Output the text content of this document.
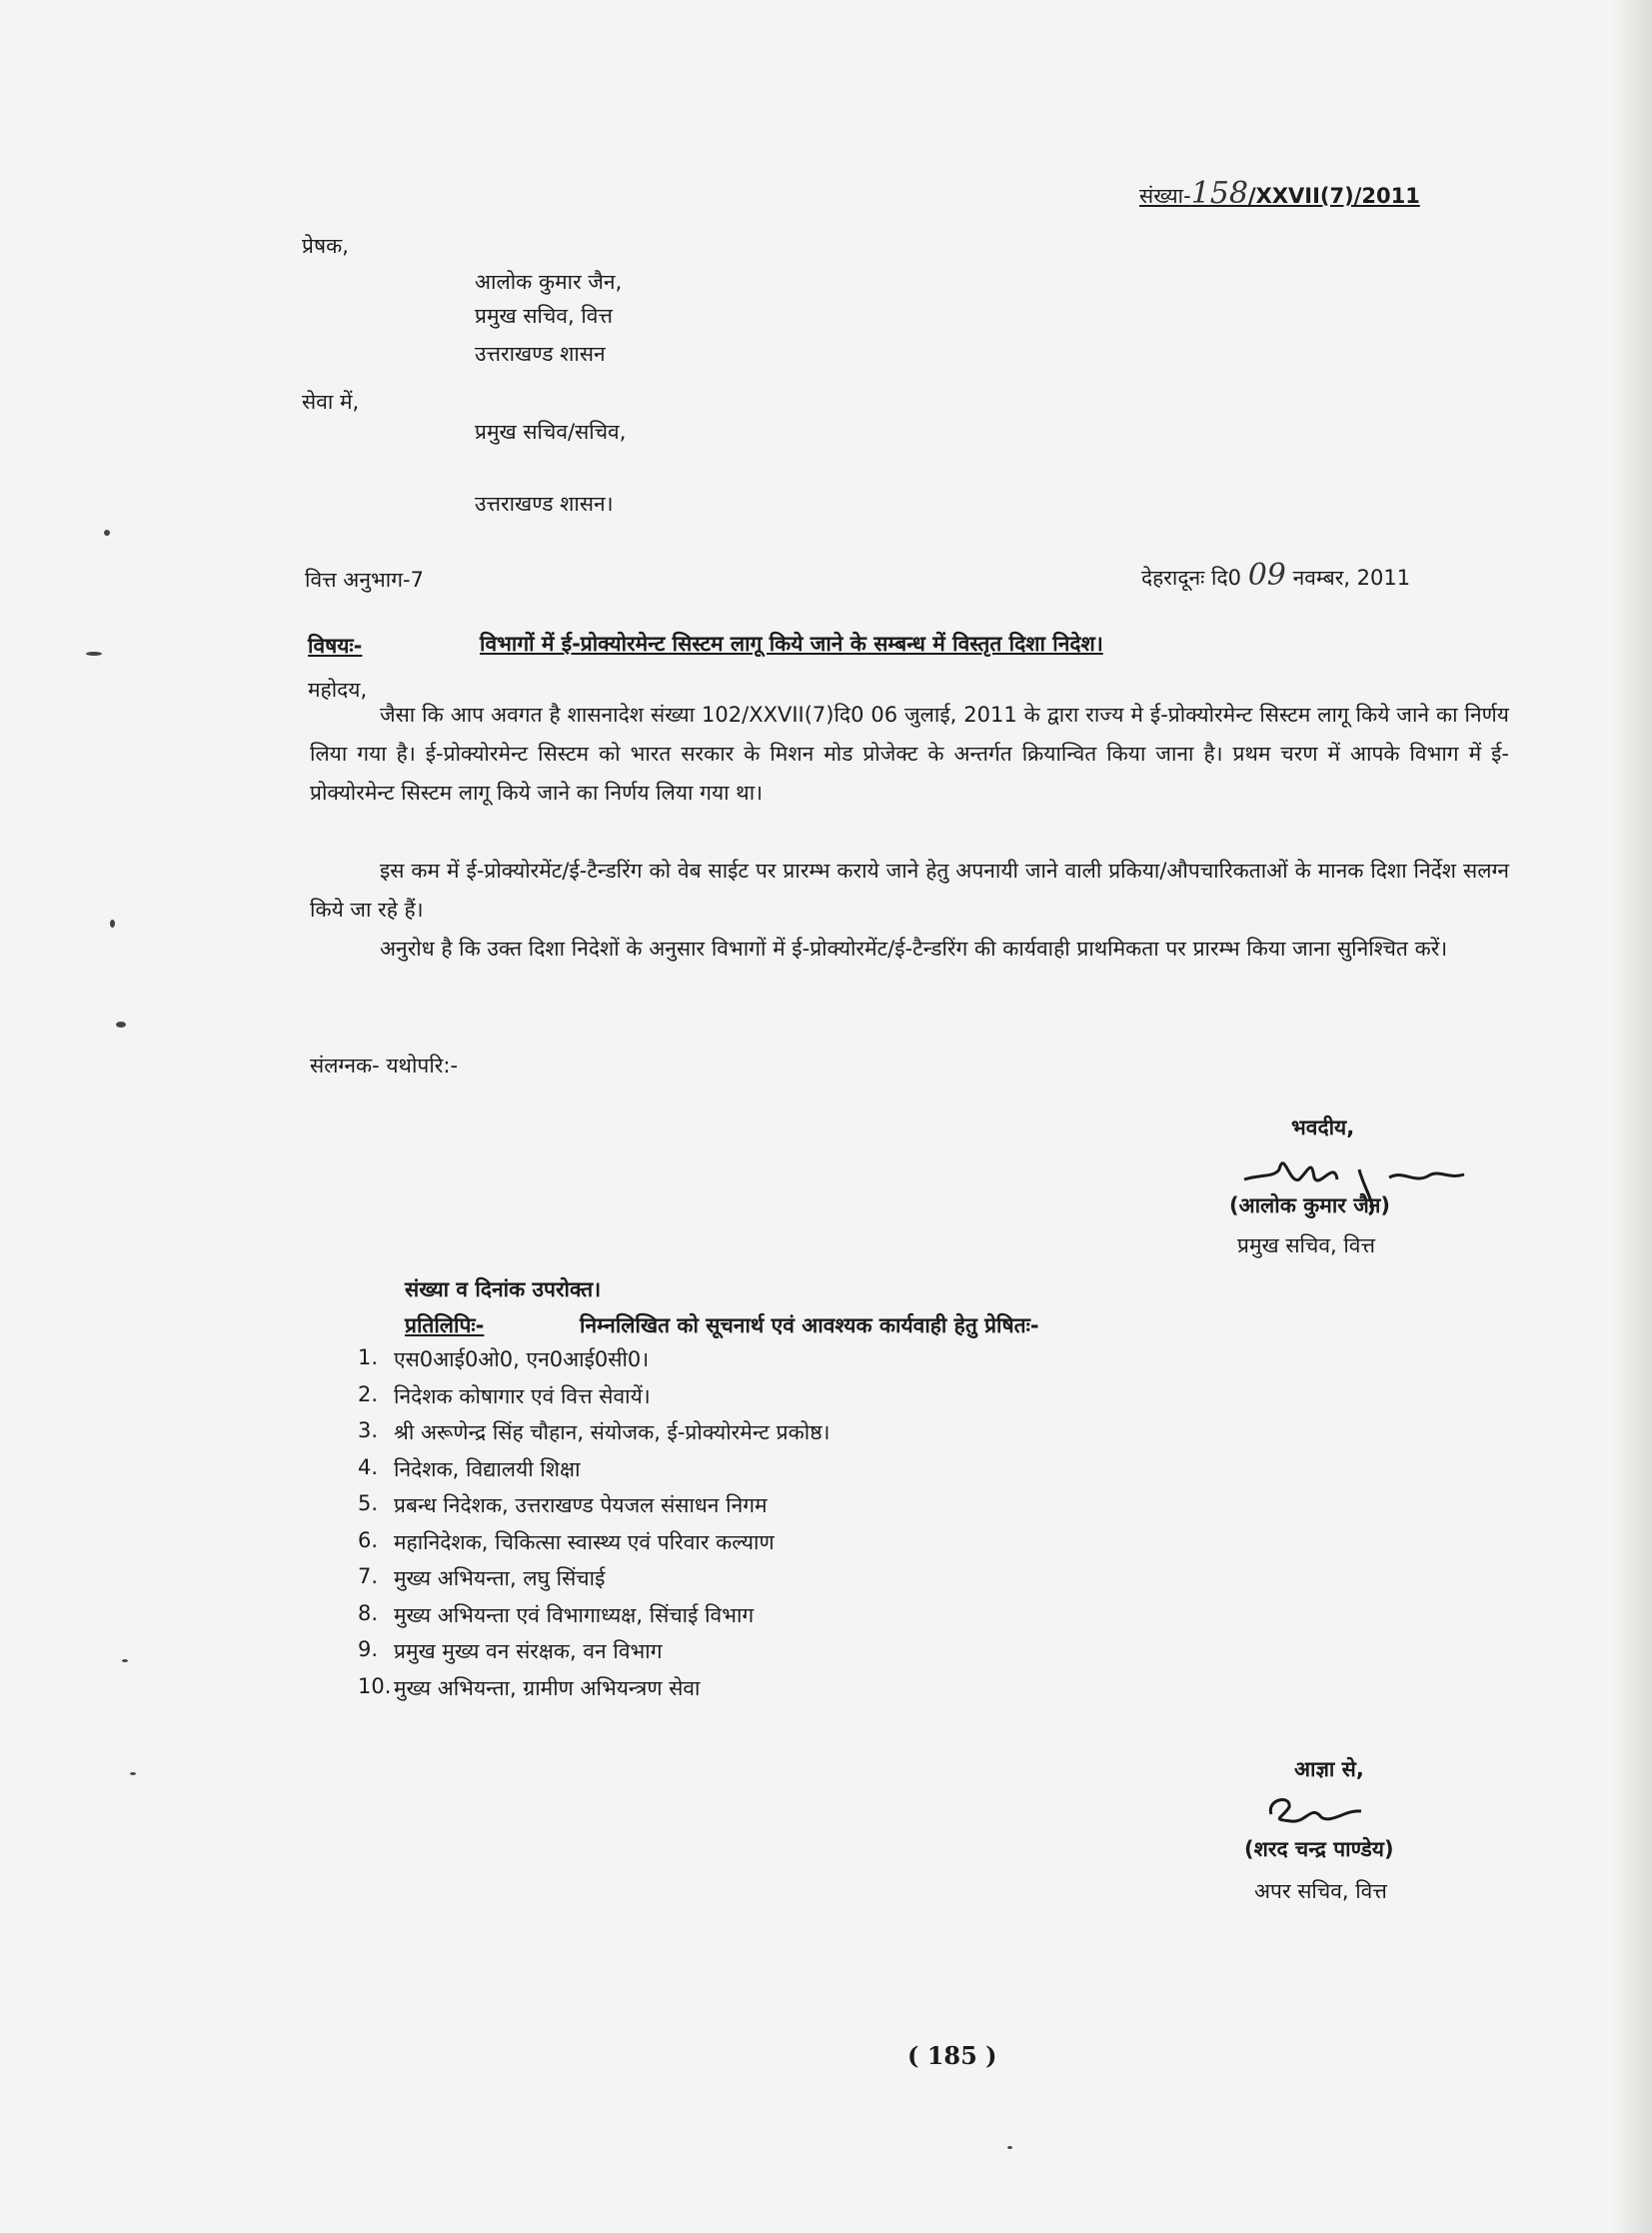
संख्या-158/XXVII(7)/2011
प्रेषक,
आलोक कुमार जैन,
प्रमुख सचिव, वित्त
उत्तराखण्ड शासन
सेवा में,
प्रमुख सचिव/सचिव,
उत्तराखण्ड शासन।
वित्त अनुभाग-7	देहरादूनः दि0 09 नवम्बर, 2011
विषयः-	विभागों में ई-प्रोक्योरमेन्ट सिस्टम लागू किये जाने के सम्बन्ध में विस्तृत दिशा निदेश।
महोदय,
जैसा कि आप अवगत है शासनादेश संख्या 102/XXVII(7)दि0 06 जुलाई, 2011 के द्वारा राज्य मे ई-प्रोक्योरमेन्ट सिस्टम लागू किये जाने का निर्णय लिया गया है। ई-प्रोक्योरमेन्ट सिस्टम को भारत सरकार के मिशन मोड प्रोजेक्ट के अन्तर्गत क्रियान्वित किया जाना है। प्रथम चरण में आपके विभाग में ई-प्रोक्योरमेन्ट सिस्टम लागू किये जाने का निर्णय लिया गया था।
इस कम में ई-प्रोक्योरमेंट/ई-टैन्डरिंग को वेब साईट पर प्रारम्भ कराये जाने हेतु अपनायी जाने वाली प्रकिया/औपचारिकताओं के मानक दिशा निर्देश सलग्न किये जा रहे हैं।
अनुरोध है कि उक्त दिशा निदेशों के अनुसार विभागों में ई-प्रोक्योरमेंट/ई-टैन्डरिंग की कार्यवाही प्राथमिकता पर प्रारम्भ किया जाना सुनिश्चित करें।
संलग्नक- यथोपरि:-
भवदीय,
(आलोक कुमार जैन)
प्रमुख सचिव, वित्त
संख्या व दिनांक उपरोक्त।
प्रतिलिपिः-	निम्नलिखित को सूचनार्थ एवं आवश्यक कार्यवाही हेतु प्रेषितः-
1. एस0आई0ओ0, एन0आई0सी0।
2. निदेशक कोषागार एवं वित्त सेवायें।
3. श्री अरूणेन्द्र सिंह चौहान, संयोजक, ई-प्रोक्योरमेन्ट प्रकोष्ठ।
4. निदेशक, विद्यालयी शिक्षा
5. प्रबन्ध निदेशक, उत्तराखण्ड पेयजल संसाधन निगम
6. महानिदेशक, चिकित्सा स्वास्थ्य एवं परिवार कल्याण
7. मुख्य अभियन्ता, लघु सिंचाई
8. मुख्य अभियन्ता एवं विभागाध्यक्ष, सिंचाई विभाग
9. प्रमुख मुख्य वन संरक्षक, वन विभाग
10. मुख्य अभियन्ता, ग्रामीण अभियन्त्रण सेवा
आज्ञा से,
(शरद चन्द्र पाण्डेय)
अपर सचिव, वित्त
( 185 )
